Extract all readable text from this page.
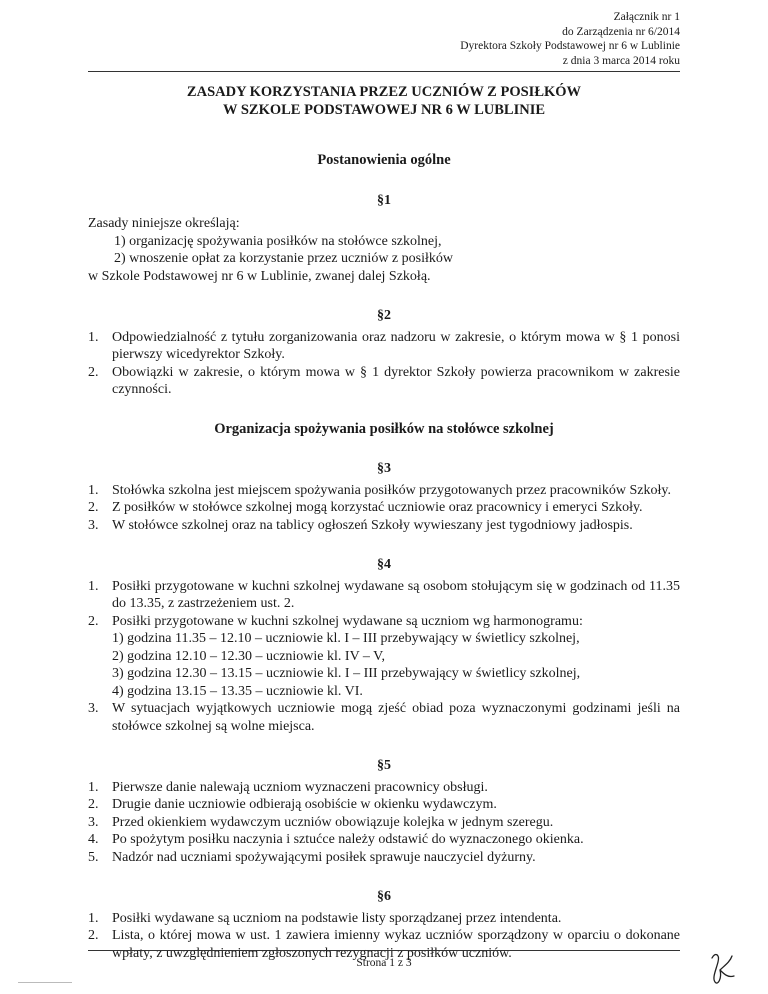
Załącznik nr 1
do Zarządzenia nr 6/2014
Dyrektora Szkoły Podstawowej nr 6 w Lublinie
z dnia 3 marca 2014 roku
ZASADY KORZYSTANIA PRZEZ UCZNIÓW Z POSIŁKÓW
W SZKOLE PODSTAWOWEJ NR 6 W LUBLINIE
Postanowienia ogólne
§1
Zasady niniejsze określają:
1) organizację spożywania posiłków na stołówce szkolnej,
2) wnoszenie opłat za korzystanie przez uczniów z posiłków
w Szkole Podstawowej nr 6 w Lublinie, zwanej dalej Szkołą.
§2
1. Odpowiedzialność z tytułu zorganizowania oraz nadzoru w zakresie, o którym mowa w § 1 ponosi pierwszy wicedyrektor Szkoły.
2. Obowiązki w zakresie, o którym mowa w § 1 dyrektor Szkoły powierza pracownikom w zakresie czynności.
Organizacja spożywania posiłków na stołówce szkolnej
§3
1. Stołówka szkolna jest miejscem spożywania posiłków przygotowanych przez pracowników Szkoły.
2. Z posiłków w stołówce szkolnej mogą korzystać uczniowie oraz pracownicy i emeryci Szkoły.
3. W stołówce szkolnej oraz na tablicy ogłoszeń Szkoły wywieszany jest tygodniowy jadłospis.
§4
1. Posiłki przygotowane w kuchni szkolnej wydawane są osobom stołującym się w godzinach od 11.35 do 13.35, z zastrzeżeniem ust. 2.
2. Posiłki przygotowane w kuchni szkolnej wydawane są uczniom wg harmonogramu:
1) godzina 11.35 – 12.10 – uczniowie kl. I – III przebywający w świetlicy szkolnej,
2) godzina 12.10 – 12.30 – uczniowie kl. IV – V,
3) godzina 12.30 – 13.15 – uczniowie kl. I – III przebywający w świetlicy szkolnej,
4) godzina 13.15 – 13.35 – uczniowie kl. VI.
3. W sytuacjach wyjątkowych uczniowie mogą zjeść obiad poza wyznaczonymi godzinami jeśli na stołówce szkolnej są wolne miejsca.
§5
1. Pierwsze danie nalewają uczniom wyznaczeni pracownicy obsługi.
2. Drugie danie uczniowie odbierają osobiście w okienku wydawczym.
3. Przed okienkiem wydawczym uczniów obowiązuje kolejka w jednym szeregu.
4. Po spożytym posiłku naczynia i sztućce należy odstawić do wyznaczonego okienka.
5. Nadzór nad uczniami spożywającymi posiłek sprawuje nauczyciel dyżurny.
§6
1. Posiłki wydawane są uczniom na podstawie listy sporządzanej przez intendenta.
2. Lista, o której mowa w ust. 1 zawiera imienny wykaz uczniów sporządzony w oparciu o dokonane wpłaty, z uwzględnieniem zgłoszonych rezygnacji z posiłków uczniów.
Strona 1 z 3
